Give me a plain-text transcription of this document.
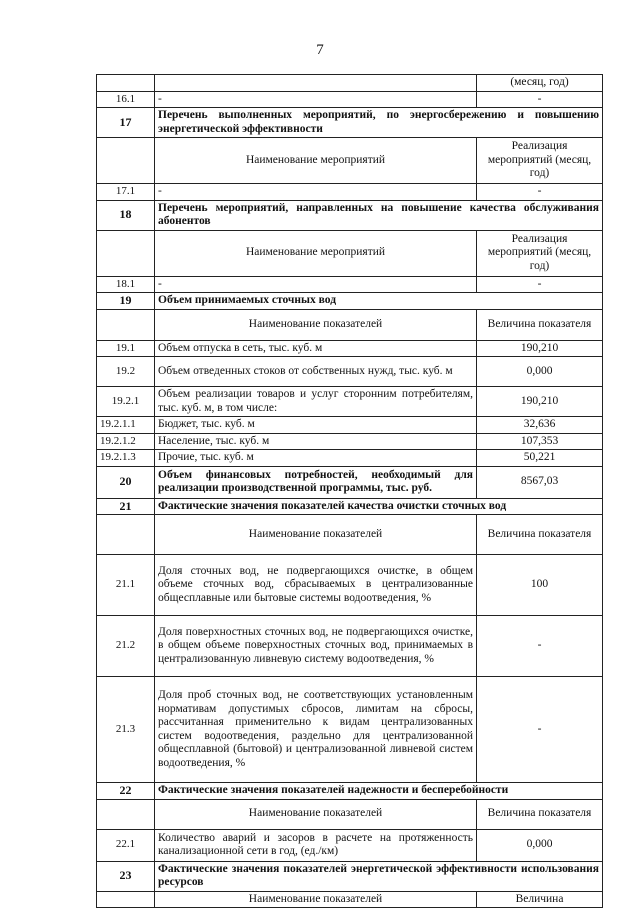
7
		(месяц, год)
16.1	-	-
17	Перечень выполненных мероприятий, по энергосбережению и повышению энергетической эффективности	
	Наименование мероприятий	Реализация мероприятий (месяц, год)
17.1	-	-
18	Перечень мероприятий, направленных на повышение качества обслуживания абонентов	
	Наименование мероприятий	Реализация мероприятий (месяц, год)
18.1	-	-
19	Объем принимаемых сточных вод	
	Наименование показателей	Величина показателя
19.1	Объем отпуска в сеть, тыс. куб. м	190,210
19.2	Объем отведенных стоков от собственных нужд, тыс. куб. м	0,000
19.2.1	Объем реализации товаров и услуг сторонним потребителям, тыс. куб. м, в том числе:	190,210
19.2.1.1	Бюджет, тыс. куб. м	32,636
19.2.1.2	Население, тыс. куб. м	107,353
19.2.1.3	Прочие, тыс. куб. м	50,221
20	Объем финансовых потребностей, необходимый для реализации производственной программы, тыс. руб.	8567,03
21	Фактические значения показателей качества очистки сточных вод	
	Наименование показателей	Величина показателя
21.1	Доля сточных вод, не подвергающихся очистке, в общем объеме сточных вод, сбрасываемых в централизованные общесплавные или бытовые системы водоотведения, %	100
21.2	Доля поверхностных сточных вод, не подвергающихся очистке, в общем объеме поверхностных сточных вод, принимаемых в централизованную ливневую систему водоотведения, %	-
21.3	Доля проб сточных вод, не соответствующих установленным нормативам допустимых сбросов, лимитам на сбросы, рассчитанная применительно к видам централизованных систем водоотведения, раздельно для централизованной общесплавной (бытовой) и централизованной ливневой систем водоотведения, %	-
22	Фактические значения показателей надежности и бесперебойности	
	Наименование показателей	Величина показателя
22.1	Количество аварий и засоров в расчете на протяженность канализационной сети в год, (ед./км)	0,000
23	Фактические значения показателей энергетической эффективности использования ресурсов	
	Наименование показателей	Величина
